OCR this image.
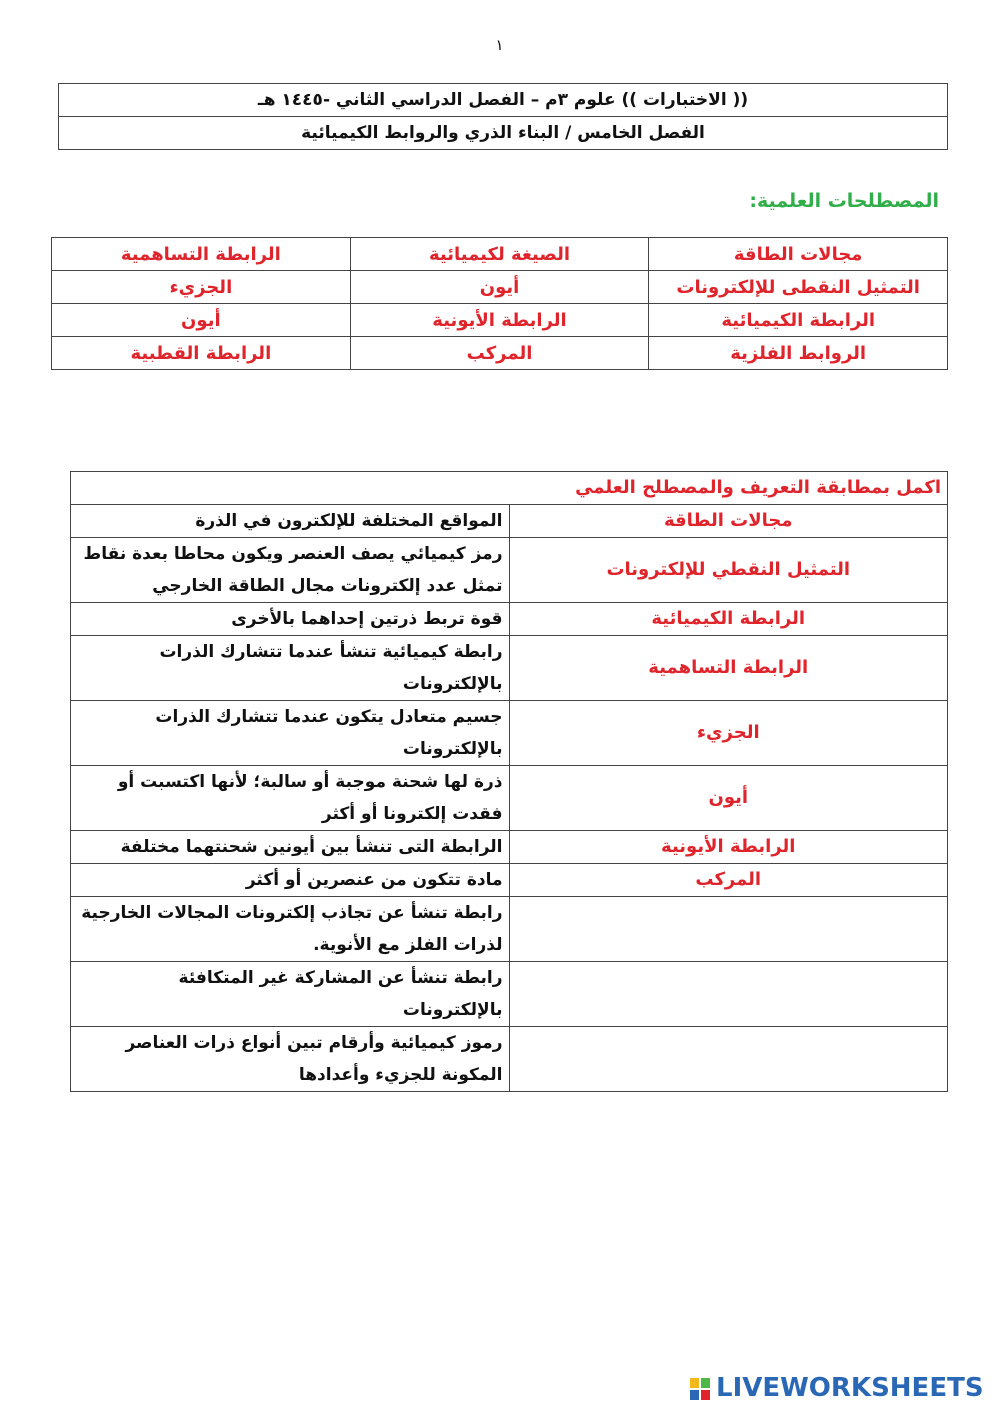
١
(( الاختبارات )) علوم ٣م – الفصل الدراسي الثاني -١٤٤٥ هـ
الفصل الخامس / البناء الذري والروابط الكيميائية
المصطلحات العلمية:
مجالات الطاقة	الصيغة لكيميائية	الرابطة التساهمية
التمثيل النقطى للإلكترونات	أيون	الجزيء
الرابطة الكيميائية	الرابطة الأيونية	أيون
الروابط الفلزية	المركب	الرابطة القطبية
اكمل بمطابقة التعريف والمصطلح العلمي	
مجالات الطاقة	المواقع المختلفة للإلكترون في الذرة
التمثيل النقطي للإلكترونات	رمز كيميائي يصف العنصر ويكون محاطا بعدة نقاط تمثل عدد إلكترونات مجال الطاقة الخارجي
الرابطة الكيميائية	قوة تربط ذرتين إحداهما بالأخرى
الرابطة التساهمية	رابطة كيميائية تنشأ عندما تتشارك الذرات بالإلكترونات
الجزيء	جسيم متعادل يتكون عندما تتشارك الذرات بالإلكترونات
أيون	ذرة لها شحنة موجبة أو سالبة؛ لأنها اكتسبت أو فقدت إلكترونا أو أكثر
الرابطة الأيونية	الرابطة التى تنشأ بين أيونين شحنتهما مختلفة
المركب	مادة تتكون من عنصرين أو أكثر
	رابطة تنشأ عن تجاذب إلكترونات المجالات الخارجية لذرات الفلز مع الأنوية.
	رابطة تنشأ عن المشاركة غير المتكافئة بالإلكترونات
	رموز كيميائية وأرقام تبين أنواع ذرات العناصر المكونة للجزيء وأعدادها
LIVEWORKSHEETS
